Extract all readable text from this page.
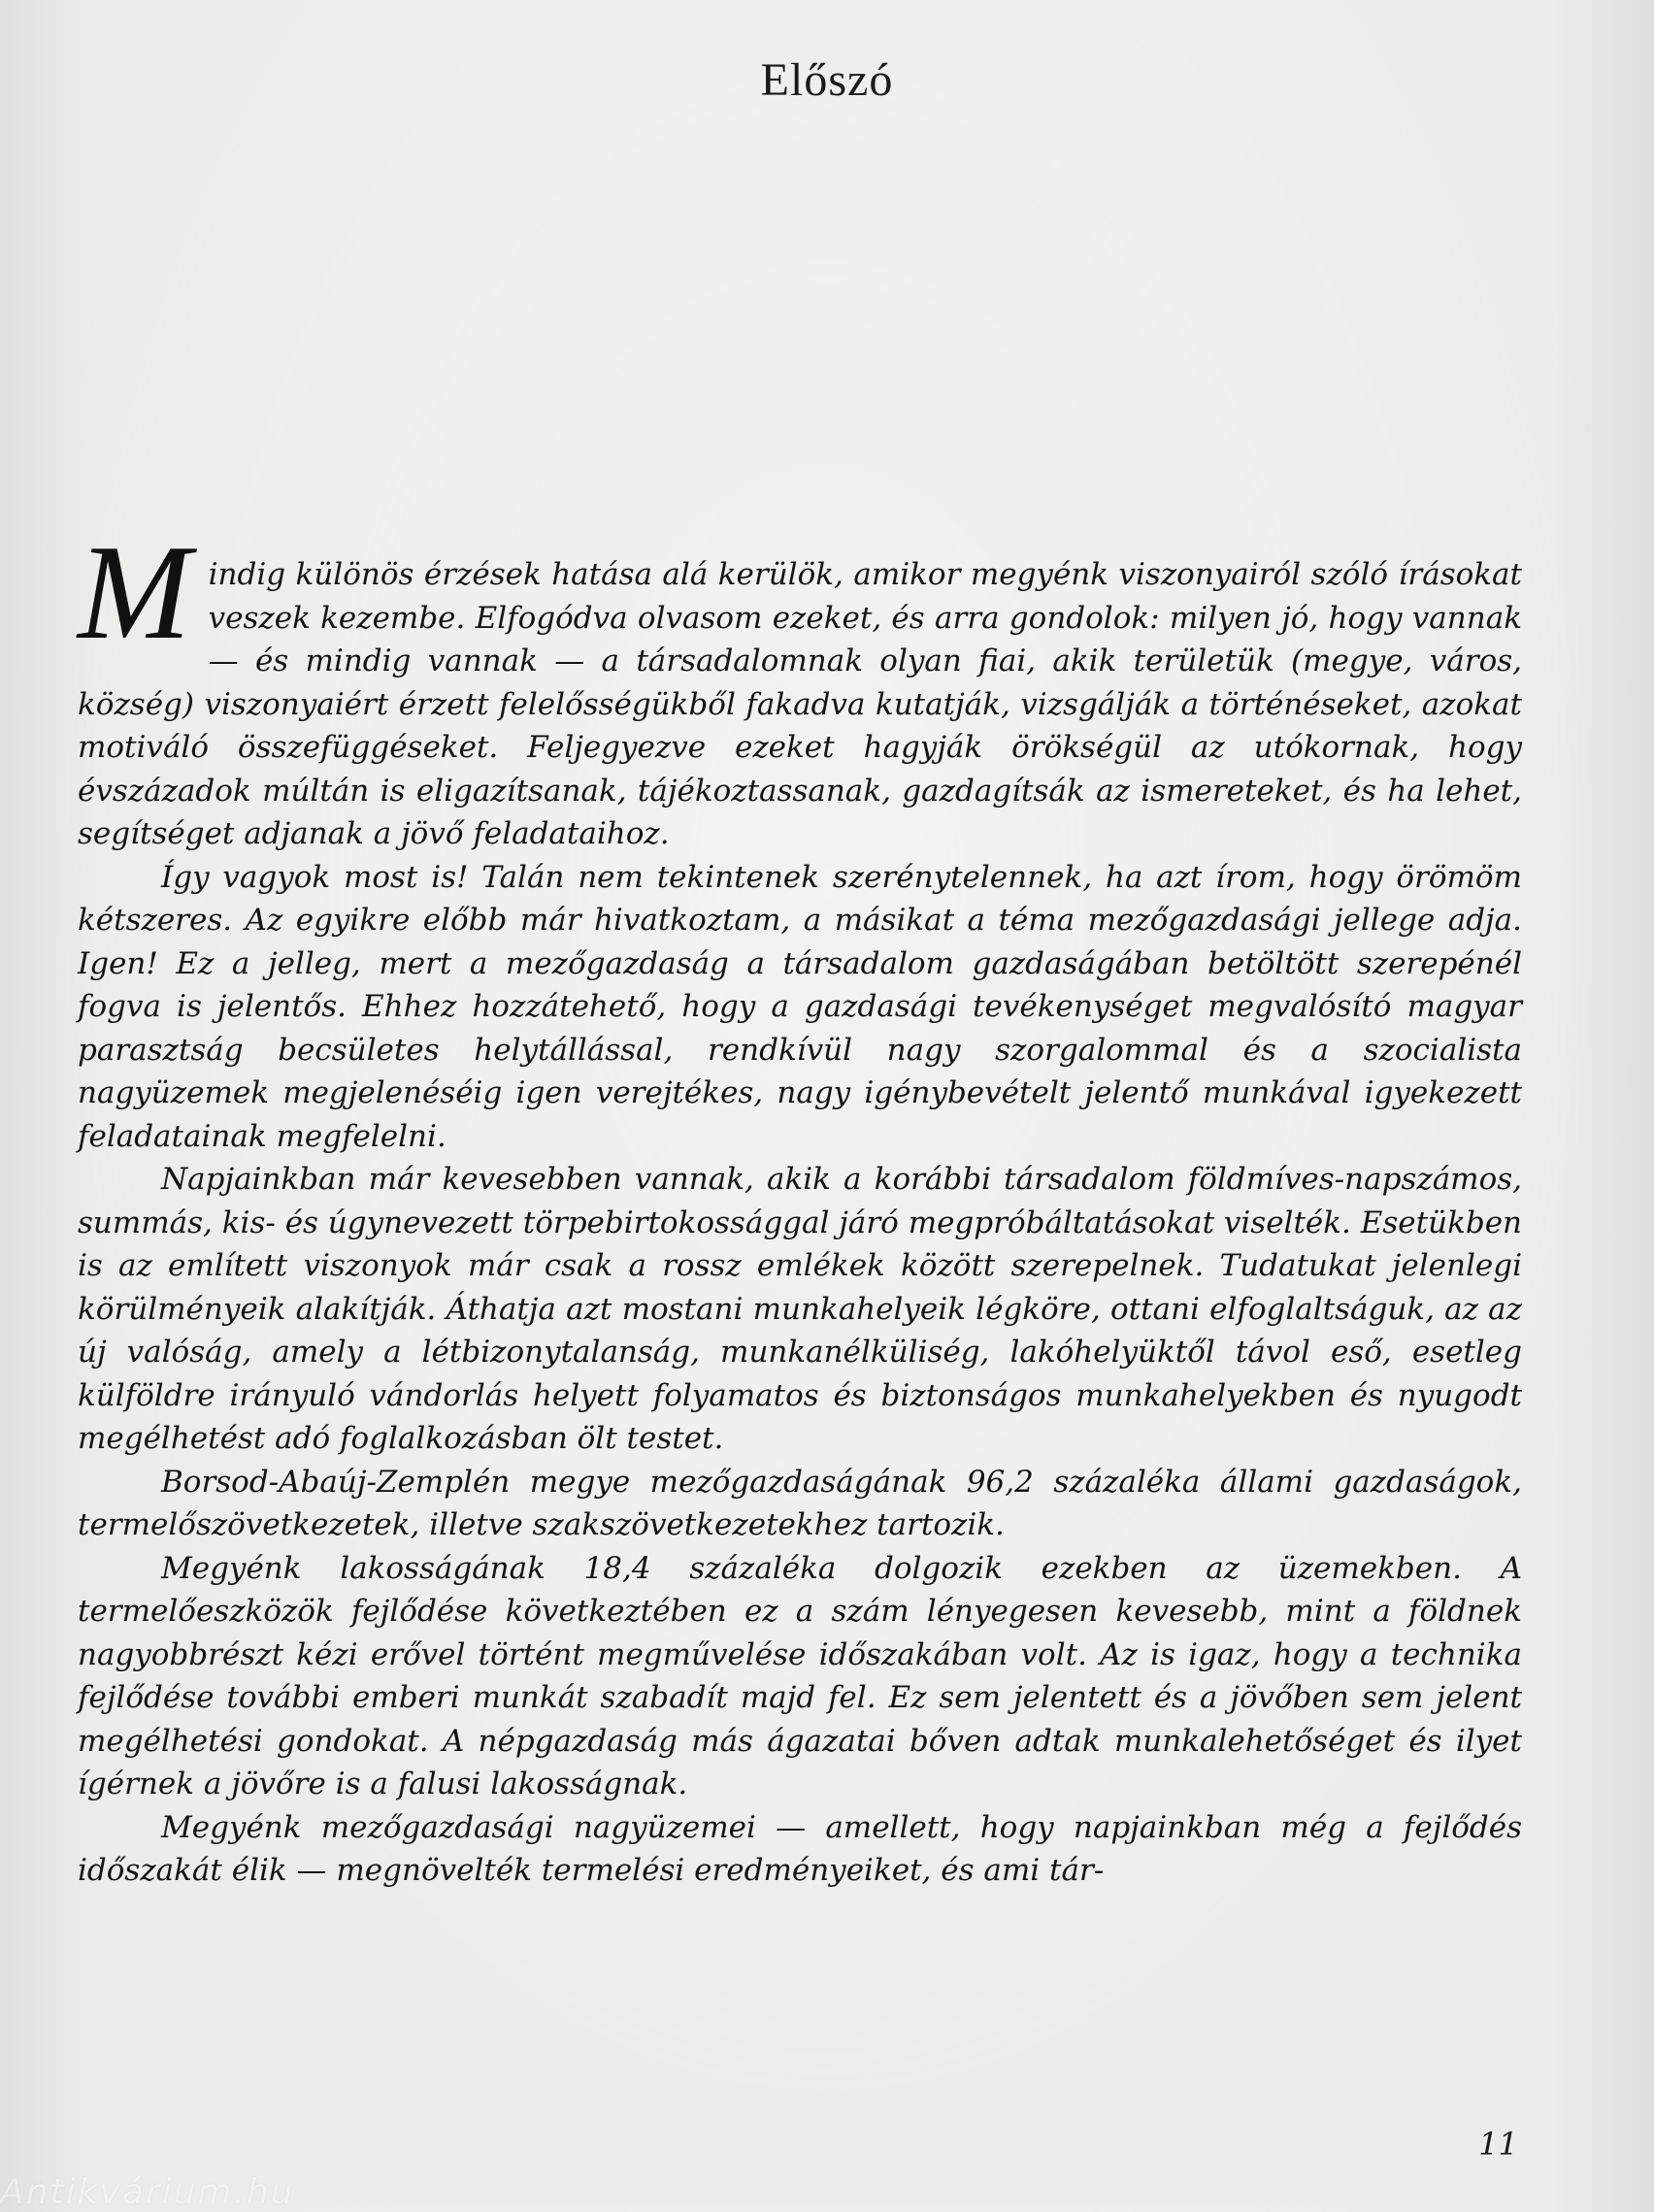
Előszó

Mindig különös érzések hatása alá kerülök, amikor megyénk viszonyairól szóló írásokat veszek kezembe. Elfogódva olvasom ezeket, és arra gondolok: milyen jó, hogy vannak — és mindig vannak — a társadalomnak olyan fiai, akik területük (megye, város, község) viszonyaiért érzett felelősségükből fakadva kutatják, vizsgálják a történéseket, azokat motiváló összefüggéseket. Feljegyezve ezeket hagyják örökségül az utókornak, hogy évszázadok múltán is eligazítsanak, tájékoztassanak, gazdagítsák az ismereteket, és ha lehet, segítséget adjanak a jövő feladataihoz.

Így vagyok most is! Talán nem tekintenek szerénytelennek, ha azt írom, hogy örömöm kétszeres. Az egyikre előbb már hivatkoztam, a másikat a téma mezőgazdasági jellege adja. Igen! Ez a jelleg, mert a mezőgazdaság a társadalom gazdaságában betöltött szerepénél fogva is jelentős. Ehhez hozzátehető, hogy a gazdasági tevékenységet megvalósító magyar parasztság becsületes helytállással, rendkívül nagy szorgalommal és a szocialista nagyüzemek megjelenéséig igen verejtékes, nagy igénybevételt jelentő munkával igyekezett feladatainak megfelelni.

Napjainkban már kevesebben vannak, akik a korábbi társadalom földmíves-napszámos, summás, kis- és úgynevezett törpebirtokossággal járó megpróbáltatásokat viselték. Esetükben is az említett viszonyok már csak a rossz emlékek között szerepelnek. Tudatukat jelenlegi körülményeik alakítják. Áthatja azt mostani munkahelyeik légköre, ottani elfoglaltságuk, az az új valóság, amely a létbizonytalanság, munkanélküliség, lakóhelyüktől távol eső, esetleg külföldre irányuló vándorlás helyett folyamatos és biztonságos munkahelyekben és nyugodt megélhetést adó foglalkozásban ölt testet.

Borsod-Abaúj-Zemplén megye mezőgazdaságának 96,2 százaléka állami gazdaságok, termelőszövetkezetek, illetve szakszövetkezetekhez tartozik.

Megyénk lakosságának 18,4 százaléka dolgozik ezekben az üzemekben. A termelőeszközök fejlődése következtében ez a szám lényegesen kevesebb, mint a földnek nagyobbrészt kézi erővel történt megművelése időszakában volt. Az is igaz, hogy a technika fejlődése további emberi munkát szabadít majd fel. Ez sem jelentett és a jövőben sem jelent megélhetési gondokat. A népgazdaság más ágazatai bőven adtak munkalehetőséget és ilyet ígérnek a jövőre is a falusi lakosságnak.

Megyénk mezőgazdasági nagyüzemei — amellett, hogy napjainkban még a fejlődés időszakát élik — megnövelték termelési eredményeiket, és ami tár-

11
Antikvárium.hu
